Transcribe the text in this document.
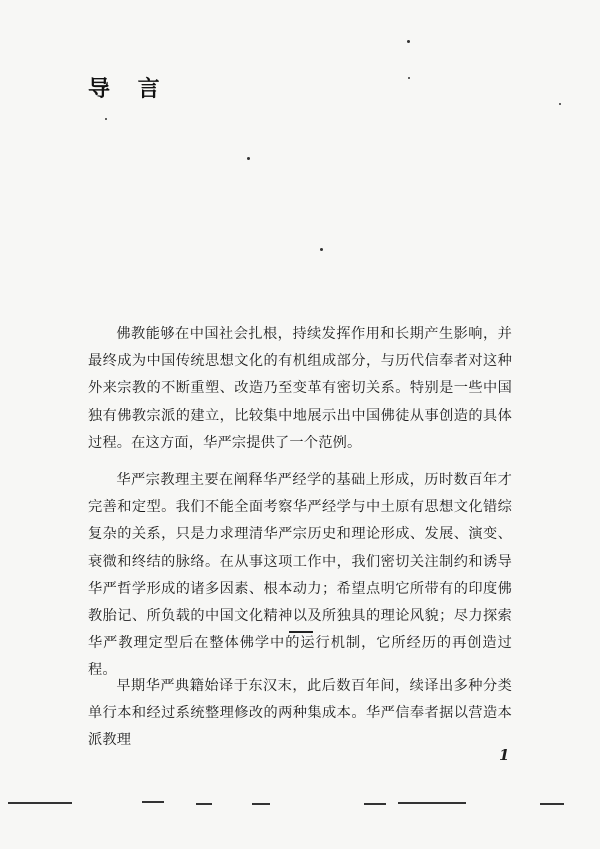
导 言

佛教能够在中国社会扎根，持续发挥作用和长期产生影响，并最终成为中国传统思想文化的有机组成部分，与历代信奉者对这种外来宗教的不断重塑、改造乃至变革有密切关系。特别是一些中国独有佛教宗派的建立，比较集中地展示出中国佛徒从事创造的具体过程。在这方面，华严宗提供了一个范例。

华严宗教理主要在阐释华严经学的基础上形成，历时数百年才完善和定型。我们不能全面考察华严经学与中土原有思想文化错综复杂的关系，只是力求理清华严宗历史和理论形成、发展、演变、衰微和终结的脉络。在从事这项工作中，我们密切关注制约和诱导华严哲学形成的诸多因素、根本动力；希望点明它所带有的印度佛教胎记、所负载的中国文化精神以及所独具的理论风貌；尽力探索华严教理定型后在整体佛学中的运行机制，它所经历的再创造过程。

早期华严典籍始译于东汉末，此后数百年间，续译出多种分类单行本和经过系统整理修改的两种集成本。华严信奉者据以营造本派教理

1
